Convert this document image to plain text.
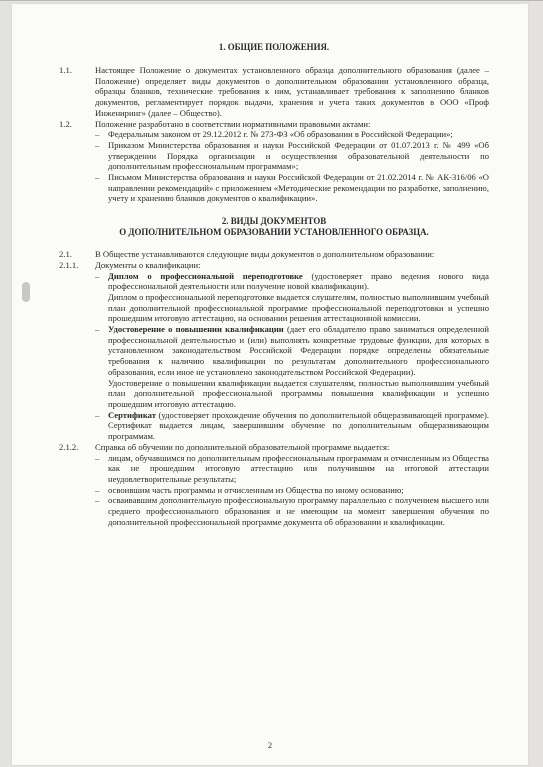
1. ОБЩИЕ ПОЛОЖЕНИЯ.
1.1.	Настоящее Положение о документах установленного образца дополнительного образования (далее – Положение) определяет виды документов о дополнительном образовании установленного образца, образцы бланков, технические требования к ним, устанавливает требования к заполнению бланков документов, регламентирует порядок выдачи, хранения и учета таких документов в ООО «Проф Инжениринг» (далее – Общество).
1.2.	Положение разработано в соответствии нормативными правовыми актами:
–	Федеральным законом от 29.12.2012 г. № 273-ФЗ «Об образовании в Российской Федерации»;
–	Приказом Министерства образования и науки Российской Федерации от 01.07.2013 г. № 499 «Об утверждении Порядка организации и осуществления образовательной деятельности по дополнительным профессиональным программам»;
–	Письмом Министерства образования и науки Российской Федерации от 21.02.2014 г. № АК-316/06 «О направлении рекомендаций» с приложением «Методические рекомендации по разработке, заполнению, учету и хранению бланков документов о квалификации».
2. ВИДЫ ДОКУМЕНТОВ
О ДОПОЛНИТЕЛЬНОМ ОБРАЗОВАНИИ УСТАНОВЛЕННОГО ОБРАЗЦА.
2.1.	В Обществе устанавливаются следующие виды документов о дополнительном образовании:
2.1.1.	Документы о квалификации:
–	Диплом о профессиональной переподготовке (удостоверяет право ведения нового вида профессиональной деятельности или получение новой квалификации).
Диплом о профессиональной переподготовке выдается слушателям, полностью выполнившим учебный план дополнительной профессиональной программе профессиональной переподготовки и успешно прошедшим итоговую аттестацию, на основании решения аттестационной комиссии.
–	Удостоверение о повышении квалификации (дает его обладателю право заниматься определенной профессиональной деятельностью и (или) выполнять конкретные трудовые функции, для которых в установленном законодательством Российской Федерации порядке определены обязательные требования к наличию квалификации по результатам дополнительного профессионального образования, если иное не установлено законодательством Российской Федерации).
Удостоверение о повышении квалификации выдается слушателям, полностью выполнившим учебный план дополнительной профессиональной программы повышения квалификации и успешно прошедшим итоговую аттестацию.
–	Сертификат (удостоверяет прохождение обучения по дополнительной общеразвивающей программе). Сертификат выдается лицам, завершившим обучение по дополнительным общеразвивающим программам.
2.1.2.	Справка об обучении по дополнительной образовательной программе выдается:
–	лицам, обучавшимся по дополнительным профессиональным программам и отчисленным из Общества как не прошедшим итоговую аттестацию или получившим на итоговой аттестации неудовлетворительные результаты;
–	освоившим часть программы и отчисленным из Общества по иному основанию;
–	осваивавшим дополнительную профессиональную программу параллельно с получением высшего или среднего профессионального образования и не имеющим на момент завершения обучения по дополнительной профессиональной программе документа об образовании и квалификации.
2
